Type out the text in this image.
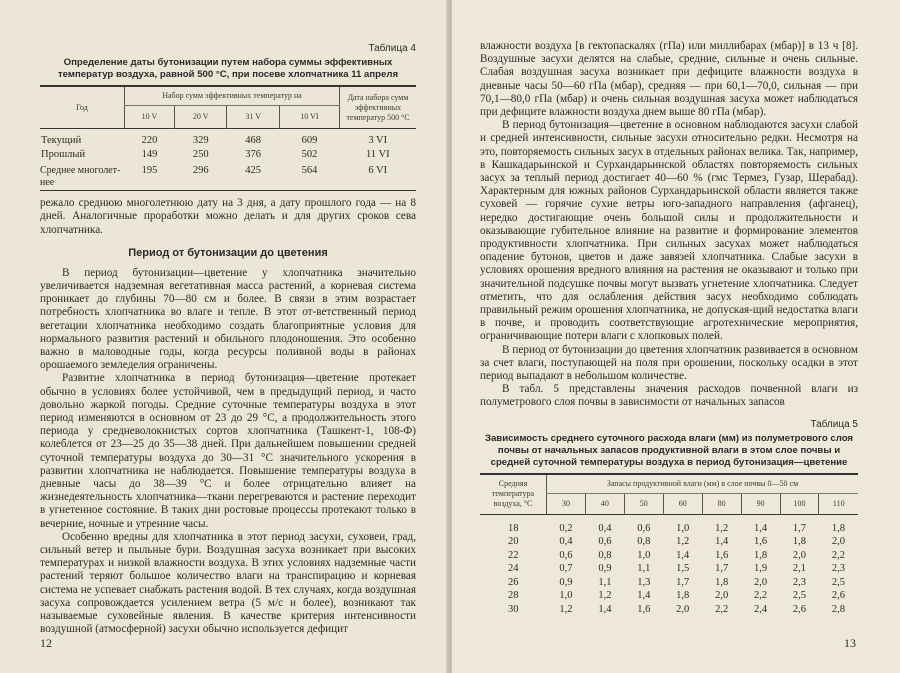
Таблица 4

Определение даты бутонизации путем набора суммы эффективных температур воздуха, равной 500 °С, при посеве хлопчатника 11 апреля
Год	Набор сумм эффективных температур на				Дата набора сумм эффективных температур 500 °С
	10 V	20 V	31 V	10 VI	
Текущий	220	329	468	609	3 VI
Прошлый	149	250	376	502	11 VI
Среднее многолет-нее	195	296	425	564	6 VI

режало среднюю многолетнюю дату на 3 дня, а дату прошлого года — на 8 дней. Аналогичные проработки можно делать и для других сроков сева хлопчатника.

Период от бутонизации до цветения

В период бутонизации—цветение у хлопчатника значительно увеличивается надземная вегетативная масса растений, а корневая система проникает до глубины 70—80 см и более. В связи в этим возрастает потребность хлопчатника во влаге и тепле. В этот от-ветственный период вегетации хлопчатника необходимо создать благоприятные условия для нормального развития растений и обильного плодоношения. Это особенно важно в маловодные годы, когда ресурсы поливной воды в районах орошаемого земледелия ограничены.

Развитие хлопчатника в период бутонизация—цветение протекает обычно в условиях более устойчивой, чем в предыдущий период, и часто довольно жаркой погоды. Средние суточные температуры воздуха в этот период изменяются в основном от 23 до 29 °С, а продолжительность этого периода у средневолокнистых сортов хлопчатника (Ташкент-1, 108-Ф) колеблется от 23—25 до 35—38 дней. При дальнейшем повышении средней суточной температуры воздуха до 30—31 °С значительного ускорения в развитии хлопчатника не наблюдается. Повышение температуры воздуха в дневные часы до 38—39 °С и более отрицательно влияет на жизнедеятельность хлопчатника—ткани перегреваются и растение переходит в угнетенное состояние. В таких дни ростовые процессы протекают только в вечерние, ночные и утренние часы.

Особенно вредны для хлопчатника в этот период засухи, суховеи, град, сильный ветер и пыльные бури. Воздушная засуха возникает при высоких температурах и низкой влажности воздуха. В этих условиях надземные части растений теряют большое количество влаги на транспирацию и корневая система не успевает снабжать растения водой. В тех случаях, когда воздушная засуха сопровождается усилением ветра (5 м/с и более), возникают так называемые суховейные явления. В качестве критерия интенсивности воздушной (атмосферной) засухи обычно используется дефицит

12

влажности воздуха [в гектопаскалях (гПа) или миллибарах (мбар)] в 13 ч [8]. Воздушные засухи делятся на слабые, средние, сильные и очень сильные. Слабая воздушная засуха возникает при дефиците влажности воздуха в дневные часы 50—60 гПа (мбар), средняя — при 60,1—70,0, сильная — при 70,1—80,0 гПа (мбар) и очень сильная воздушная засуха может наблюдаться при дефиците влажности воздуха днем выше 80 гПа (мбар).

В период бутонизация—цветение в основном наблюдаются засухи слабой и средней интенсивности, сильные засухи относительно редки. Несмотря на это, повторяемость сильных засух в отдельных районах велика. Так, например, в Кашкадарьинской и Сурхандарьинской областях повторяемость сильных засух за теплый период достигает 40—60 % (гмс Термез, Гузар, Шерабад). Характерным для южных районов Сурхандарьинской области является также суховей — горячие сухие ветры юго-западного направления (афганец), нередко достигающие очень большой силы и продолжительности и оказывающие губительное влияние на развитие и формирование элементов продуктивности хлопчатника. При сильных засухах может наблюдаться опадение бутонов, цветов и даже завязей хлопчатника. Слабые засухи в условиях орошения вредного влияния на растения не оказывают и только при значительной подсушке почвы могут вызвать угнетение хлопчатника. Следует отметить, что для ослабления действия засух необходимо соблюдать правильный режим орошения хлопчатника, не допуская-щий недостатка влаги в почве, и проводить соответствующие агротехнические мероприятия, ограничивающие потери влаги с хлопковых полей.

В период от бутонизации до цветения хлопчатник развивается в основном за счет влаги, поступающей на поля при орошении, поскольку осадки в этот период выпадают в небольшом количестве.

В табл. 5 представлены значения расходов почвенной влаги из полуметрового слоя почвы в зависимости от начальных запасов

Таблица 5

Зависимость среднего суточного расхода влаги (мм) из полуметрового слоя почвы от начальных запасов продуктивной влаги в этом слое почвы и средней суточной температуры воздуха в период бутонизация—цветение
Средняя температура воздуха, °С	Запасы продуктивной влаги (мм) в слое почвы 0—50 см							
	30	40	50	60	80	90	100	110
18	0,2	0,4	0,6	1,0	1,2	1,4	1,7	1,8
20	0,4	0,6	0,8	1,2	1,4	1,6	1,8	2,0
22	0,6	0,8	1,0	1,4	1,6	1,8	2,0	2,2
24	0,7	0,9	1,1	1,5	1,7	1,9	2,1	2,3
26	0,9	1,1	1,3	1,7	1,8	2,0	2,3	2,5
28	1,0	1,2	1,4	1,8	2,0	2,2	2,5	2,6
30	1,2	1,4	1,6	2,0	2,2	2,4	2,6	2,8
13
